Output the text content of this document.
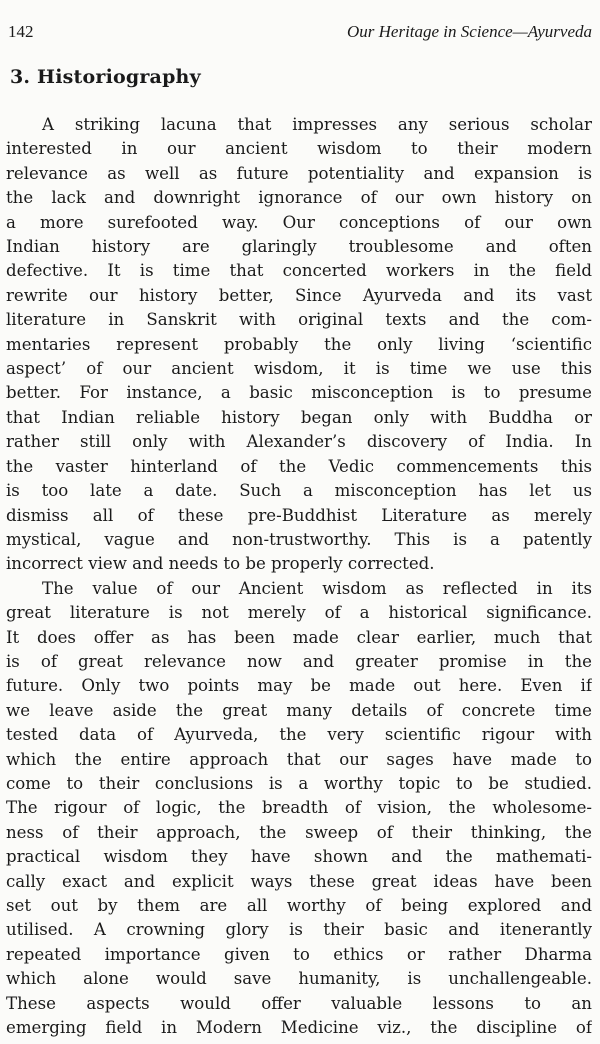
142	Our Heritage in Science—Ayurveda
3. Historiography

A striking lacuna that impresses any serious scholar
interested in our ancient wisdom to their modern
relevance as well as future potentiality and expansion is
the lack and downright ignorance of our own history on
a more surefooted way. Our conceptions of our own
Indian history are glaringly troublesome and often
defective. It is time that concerted workers in the field
rewrite our history better, Since Ayurveda and its vast
literature in Sanskrit with original texts and the com-
mentaries represent probably the only living ‘scientific
aspect’ of our ancient wisdom, it is time we use this
better. For instance, a basic misconception is to presume
that Indian reliable history began only with Buddha or
rather still only with Alexander’s discovery of India. In
the vaster hinterland of the Vedic commencements this
is too late a date. Such a misconception has let us
dismiss all of these pre-Buddhist Literature as merely
mystical, vague and non-trustworthy. This is a patently
incorrect view and needs to be properly corrected.

The value of our Ancient wisdom as reflected in its
great literature is not merely of a historical significance.
It does offer as has been made clear earlier, much that
is of great relevance now and greater promise in the
future. Only two points may be made out here. Even if
we leave aside the great many details of concrete time
tested data of Ayurveda, the very scientific rigour with
which the entire approach that our sages have made to
come to their conclusions is a worthy topic to be studied.
The rigour of logic, the breadth of vision, the wholesome-
ness of their approach, the sweep of their thinking, the
practical wisdom they have shown and the mathemati-
cally exact and explicit ways these great ideas have been
set out by them are all worthy of being explored and
utilised. A crowning glory is their basic and itenerantly
repeated importance given to ethics or rather Dharma
which alone would save humanity, is unchallengeable.
These aspects would offer valuable lessons to an
emerging field in Modern Medicine viz., the discipline of
